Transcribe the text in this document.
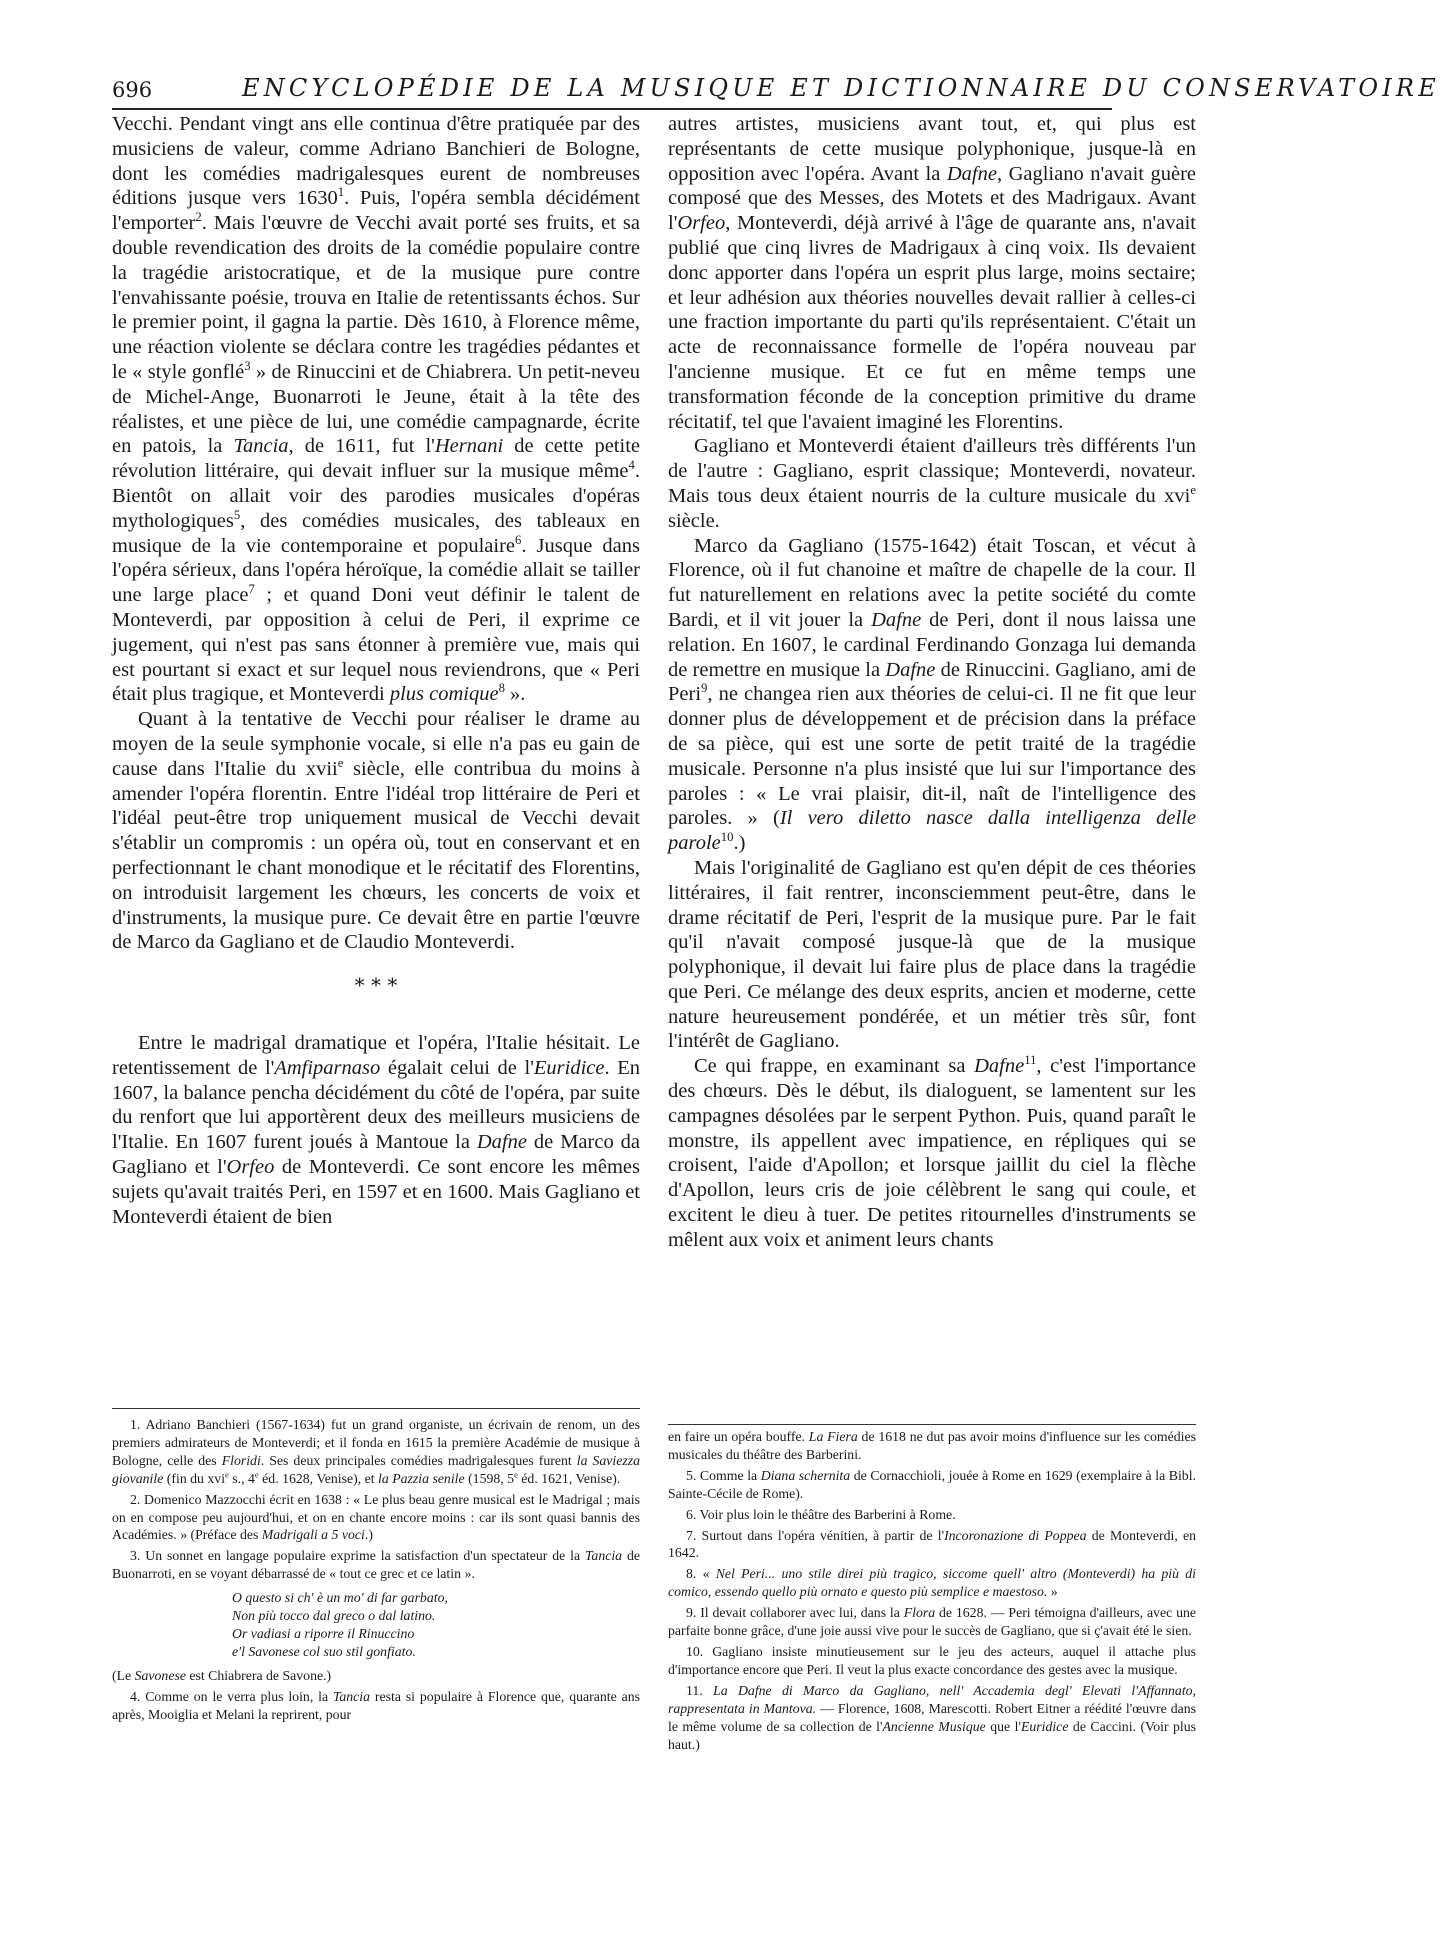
696	ENCYCLOPÉDIE DE LA MUSIQUE ET DICTIONNAIRE DU CONSERVATOIRE

Vecchi. Pendant vingt ans elle continua d'être pratiquée par des musiciens de valeur, comme Adriano Banchieri de Bologne, dont les comédies madrigalesques eurent de nombreuses éditions jusque vers 1630$^1$. Puis, l'opéra sembla décidément l'emporter$^2$. Mais l'œuvre de Vecchi avait porté ses fruits, et sa double revendication des droits de la comédie populaire contre la tragédie aristocratique, et de la musique pure contre l'envahissante poésie, trouva en Italie de retentissants échos. Sur le premier point, il gagna la partie. Dès 1610, à Florence même, une réaction violente se déclara contre les tragédies pédantes et le « style gonflé$^3$ » de Rinuccini et de Chiabrera. Un petit-neveu de Michel-Ange, Buonarroti le Jeune, était à la tête des réalistes, et une pièce de lui, une comédie campagnarde, écrite en patois, la Tancia, de 1611, fut l'Hernani de cette petite révolution littéraire, qui devait influer sur la musique même$^4$. Bientôt on allait voir des parodies musicales d'opéras mythologiques$^5$, des comédies musicales, des tableaux en musique de la vie contemporaine et populaire$^6$. Jusque dans l'opéra sérieux, dans l'opéra héroïque, la comédie allait se tailler une large place$^7$ ; et quand Doni veut définir le talent de Monteverdi, par opposition à celui de Peri, il exprime ce jugement, qui n'est pas sans étonner à première vue, mais qui est pourtant si exact et sur lequel nous reviendrons, que « Peri était plus tragique, et Monteverdi plus comique$^8$ ».

Quant à la tentative de Vecchi pour réaliser le drame au moyen de la seule symphonie vocale, si elle n'a pas eu gain de cause dans l'Italie du xvii$^e$ siècle, elle contribua du moins à amender l'opéra florentin. Entre l'idéal trop littéraire de Peri et l'idéal peut-être trop uniquement musical de Vecchi devait s'établir un compromis : un opéra où, tout en conservant et en perfectionnant le chant monodique et le récitatif des Florentins, on introduisit largement les chœurs, les concerts de voix et d'instruments, la musique pure. Ce devait être en partie l'œuvre de Marco da Gagliano et de Claudio Monteverdi.

* * *

Entre le madrigal dramatique et l'opéra, l'Italie hésitait. Le retentissement de l'Amfiparnaso égalait celui de l'Euridice. En 1607, la balance pencha décidément du côté de l'opéra, par suite du renfort que lui apportèrent deux des meilleurs musiciens de l'Italie. En 1607 furent joués à Mantoue la Dafne de Marco da Gagliano et l'Orfeo de Monteverdi. Ce sont encore les mêmes sujets qu'avait traités Peri, en 1597 et en 1600. Mais Gagliano et Monteverdi étaient de bien

autres artistes, musiciens avant tout, et, qui plus est représentants de cette musique polyphonique, jusque-là en opposition avec l'opéra. Avant la Dafne, Gagliano n'avait guère composé que des Messes, des Motets et des Madrigaux. Avant l'Orfeo, Monteverdi, déjà arrivé à l'âge de quarante ans, n'avait publié que cinq livres de Madrigaux à cinq voix. Ils devaient donc apporter dans l'opéra un esprit plus large, moins sectaire; et leur adhésion aux théories nouvelles devait rallier à celles-ci une fraction importante du parti qu'ils représentaient. C'était un acte de reconnaissance formelle de l'opéra nouveau par l'ancienne musique. Et ce fut en même temps une transformation féconde de la conception primitive du drame récitatif, tel que l'avaient imaginé les Florentins.

Gagliano et Monteverdi étaient d'ailleurs très différents l'un de l'autre : Gagliano, esprit classique; Monteverdi, novateur. Mais tous deux étaient nourris de la culture musicale du xvi$^e$ siècle.

Marco da Gagliano (1575-1642) était Toscan, et vécut à Florence, où il fut chanoine et maître de chapelle de la cour. Il fut naturellement en relations avec la petite société du comte Bardi, et il vit jouer la Dafne de Peri, dont il nous laissa une relation. En 1607, le cardinal Ferdinando Gonzaga lui demanda de remettre en musique la Dafne de Rinuccini. Gagliano, ami de Peri$^9$, ne changea rien aux théories de celui-ci. Il ne fit que leur donner plus de développement et de précision dans la préface de sa pièce, qui est une sorte de petit traité de la tragédie musicale. Personne n'a plus insisté que lui sur l'importance des paroles : « Le vrai plaisir, dit-il, naît de l'intelligence des paroles. » (Il vero diletto nasce dalla intelligenza delle parole$^{10}$.)

Mais l'originalité de Gagliano est qu'en dépit de ces théories littéraires, il fait rentrer, inconsciemment peut-être, dans le drame récitatif de Peri, l'esprit de la musique pure. Par le fait qu'il n'avait composé jusque-là que de la musique polyphonique, il devait lui faire plus de place dans la tragédie que Peri. Ce mélange des deux esprits, ancien et moderne, cette nature heureusement pondérée, et un métier très sûr, font l'intérêt de Gagliano.

Ce qui frappe, en examinant sa Dafne$^{11}$, c'est l'importance des chœurs. Dès le début, ils dialoguent, se lamentent sur les campagnes désolées par le serpent Python. Puis, quand paraît le monstre, ils appellent avec impatience, en répliques qui se croisent, l'aide d'Apollon; et lorsque jaillit du ciel la flèche d'Apollon, leurs cris de joie célèbrent le sang qui coule, et excitent le dieu à tuer. De petites ritournelles d'instruments se mêlent aux voix et animent leurs chants

1. Adriano Banchieri (1567-1634) fut un grand organiste, un écrivain de renom, un des premiers admirateurs de Monteverdi; et il fonda en 1615 la première Académie de musique à Bologne, celle des Floridi. Ses deux principales comédies madrigalesques furent la Saviezza giovanile (fin du xvi$^e$ s., 4e éd. 1628, Venise), et la Pazzia senile (1598, 5e éd. 1621, Venise).

2. Domenico Mazzocchi écrit en 1638 : « Le plus beau genre musical est le Madrigal ; mais on en compose peu aujourd'hui, et on en chante encore moins : car ils sont quasi bannis des Académies. » (Préface des Madrigali a 5 voci.)

3. Un sonnet en langage populaire exprime la satisfaction d'un spectateur de la Tancia de Buonarroti, en se voyant débarrassé de « tout ce grec et ce latin ».

O questo si ch' è un mo' di far garbato,
Non più tocco dal greco o dal latino.
Or vadiasi a riporre il Rinuccino
e'l Savonese col suo stil gonfiato.

(Le Savonese est Chiabrera de Savone.)

4. Comme on le verra plus loin, la Tancia resta si populaire à Florence que, quarante ans après, Mooiglia et Melani la reprirent, pour

en faire un opéra bouffe. La Fiera de 1618 ne dut pas avoir moins d'influence sur les comédies musicales du théâtre des Barberini.

5. Comme la Diana schernita de Cornacchioli, jouée à Rome en 1629 (exemplaire à la Bibl. Sainte-Cécile de Rome).

6. Voir plus loin le théâtre des Barberini à Rome.

7. Surtout dans l'opéra vénitien, à partir de l'Incoronazione di Poppea de Monteverdi, en 1642.

8. « Nel Peri... uno stile direi più tragico, siccome quell' altro (Monteverdi) ha più di comico, essendo quello più ornato e questo più semplice e maestoso. »

9. Il devait collaborer avec lui, dans la Flora de 1628. — Peri témoigna d'ailleurs, avec une parfaite bonne grâce, d'une joie aussi vive pour le succès de Gagliano, que si ç'avait été le sien.

10. Gagliano insiste minutieusement sur le jeu des acteurs, auquel il attache plus d'importance encore que Peri. Il veut la plus exacte concordance des gestes avec la musique.

11. La Dafne di Marco da Gagliano, nell' Accademia degl' Elevati l'Affannato, rappresentata in Mantova. — Florence, 1608, Marescotti. Robert Eitner a réédité l'œuvre dans le même volume de sa collection de l'Ancienne Musique que l'Euridice de Caccini. (Voir plus haut.)
